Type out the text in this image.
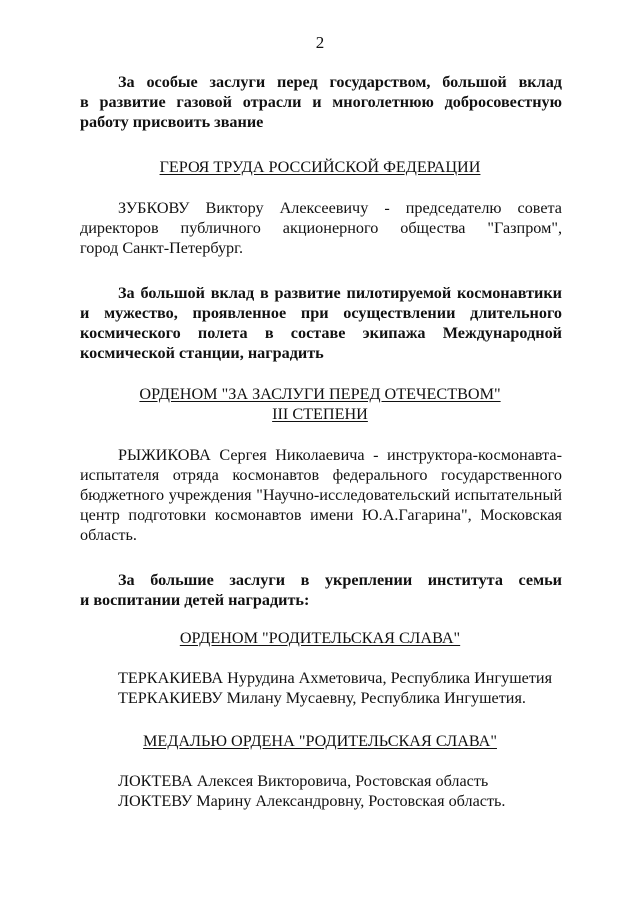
2
За особые заслуги перед государством, большой вклад
в развитие газовой отрасли и многолетнюю добросовестную
работу присвоить звание
ГЕРОЯ ТРУДА РОССИЙСКОЙ ФЕДЕРАЦИИ
ЗУБКОВУ Виктору Алексеевичу - председателю совета
директоров публичного акционерного общества "Газпром",
город Санкт-Петербург.
За большой вклад в развитие пилотируемой космонавтики
и мужество, проявленное при осуществлении длительного
космического полета в составе экипажа Международной
космической станции, наградить
ОРДЕНОМ "ЗА ЗАСЛУГИ ПЕРЕД ОТЕЧЕСТВОМ"
III СТЕПЕНИ
РЫЖИКОВА Сергея Николаевича - инструктора-космонавта-
испытателя отряда космонавтов федерального государственного
бюджетного учреждения "Научно-исследовательский испытательный
центр подготовки космонавтов имени Ю.А.Гагарина", Московская
область.
За большие заслуги в укреплении института семьи
и воспитании детей наградить:
ОРДЕНОМ "РОДИТЕЛЬСКАЯ СЛАВА"
ТЕРКАКИЕВА Нурудина Ахметовича, Республика Ингушетия
ТЕРКАКИЕВУ Милану Мусаевну, Республика Ингушетия.
МЕДАЛЬЮ ОРДЕНА "РОДИТЕЛЬСКАЯ СЛАВА"
ЛОКТЕВА Алексея Викторовича, Ростовская область
ЛОКТЕВУ Марину Александровну, Ростовская область.
